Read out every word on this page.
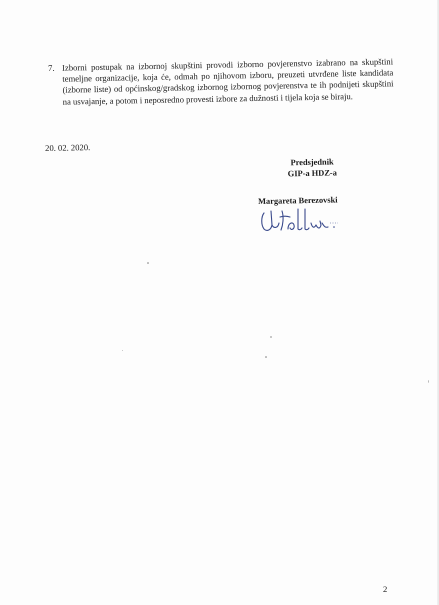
7. Izborni postupak na izbornoj skupštini provodi izborno povjerenstvo izabrano na skupštini temeljne organizacije, koja će, odmah po njihovom izboru, preuzeti utvrđene liste kandidata (izborne liste) od općinskog/gradskog izbornog izbornog povjerenstva te ih podnijeti skupštini na usvajanje, a potom i neposredno provesti izbore za dužnosti i tijela koja se biraju.
20. 02. 2020.
Predsjednik
GIP-a HDZ-a
Margareta Berezovski
2
